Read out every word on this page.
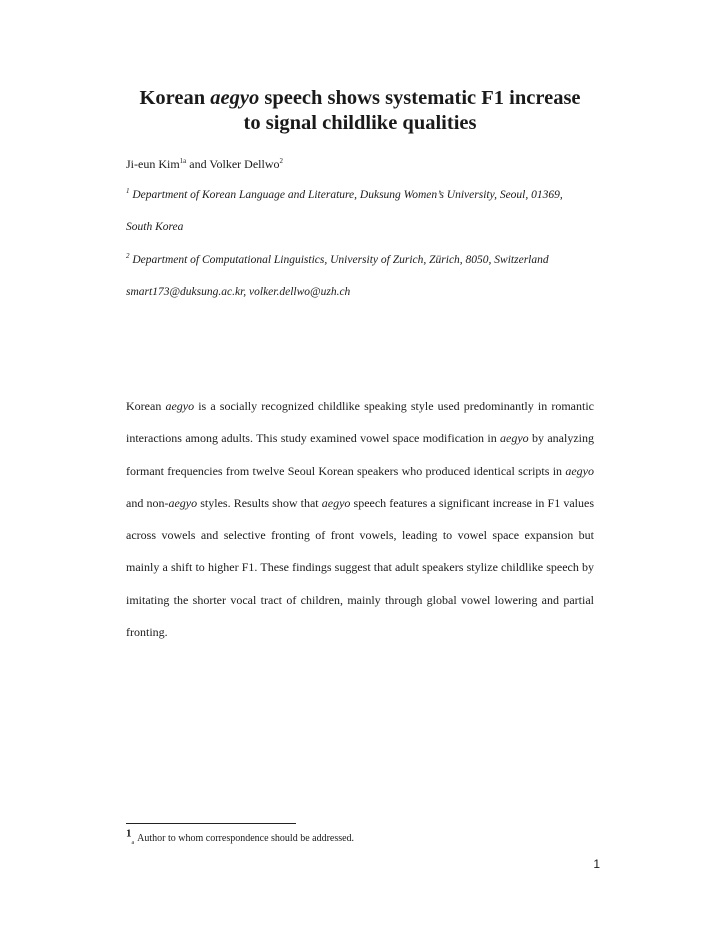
Korean aegyo speech shows systematic F1 increase
to signal childlike qualities
Ji-eun Kim$^{1a}$ and Volker Dellwo$^2$
$^1$ Department of Korean Language and Literature, Duksung Women’s University, Seoul, 01369,
South Korea
$^2$ Department of Computational Linguistics, University of Zurich, Zürich, 8050, Switzerland
smart173@duksung.ac.kr, volker.dellwo@uzh.ch

Korean aegyo is a socially recognized childlike speaking style used predominantly in romantic interactions among adults. This study examined vowel space modification in aegyo by analyzing formant frequencies from twelve Seoul Korean speakers who produced identical scripts in aegyo and non-aegyo styles. Results show that aegyo speech features a significant increase in F1 values across vowels and selective fronting of front vowels, leading to vowel space expansion but mainly a shift to higher F1. These findings suggest that adult speakers stylize childlike speech by imitating the shorter vocal tract of children, mainly through global vowel lowering and partial fronting.

$1_a$ Author to whom correspondence should be addressed.
1
